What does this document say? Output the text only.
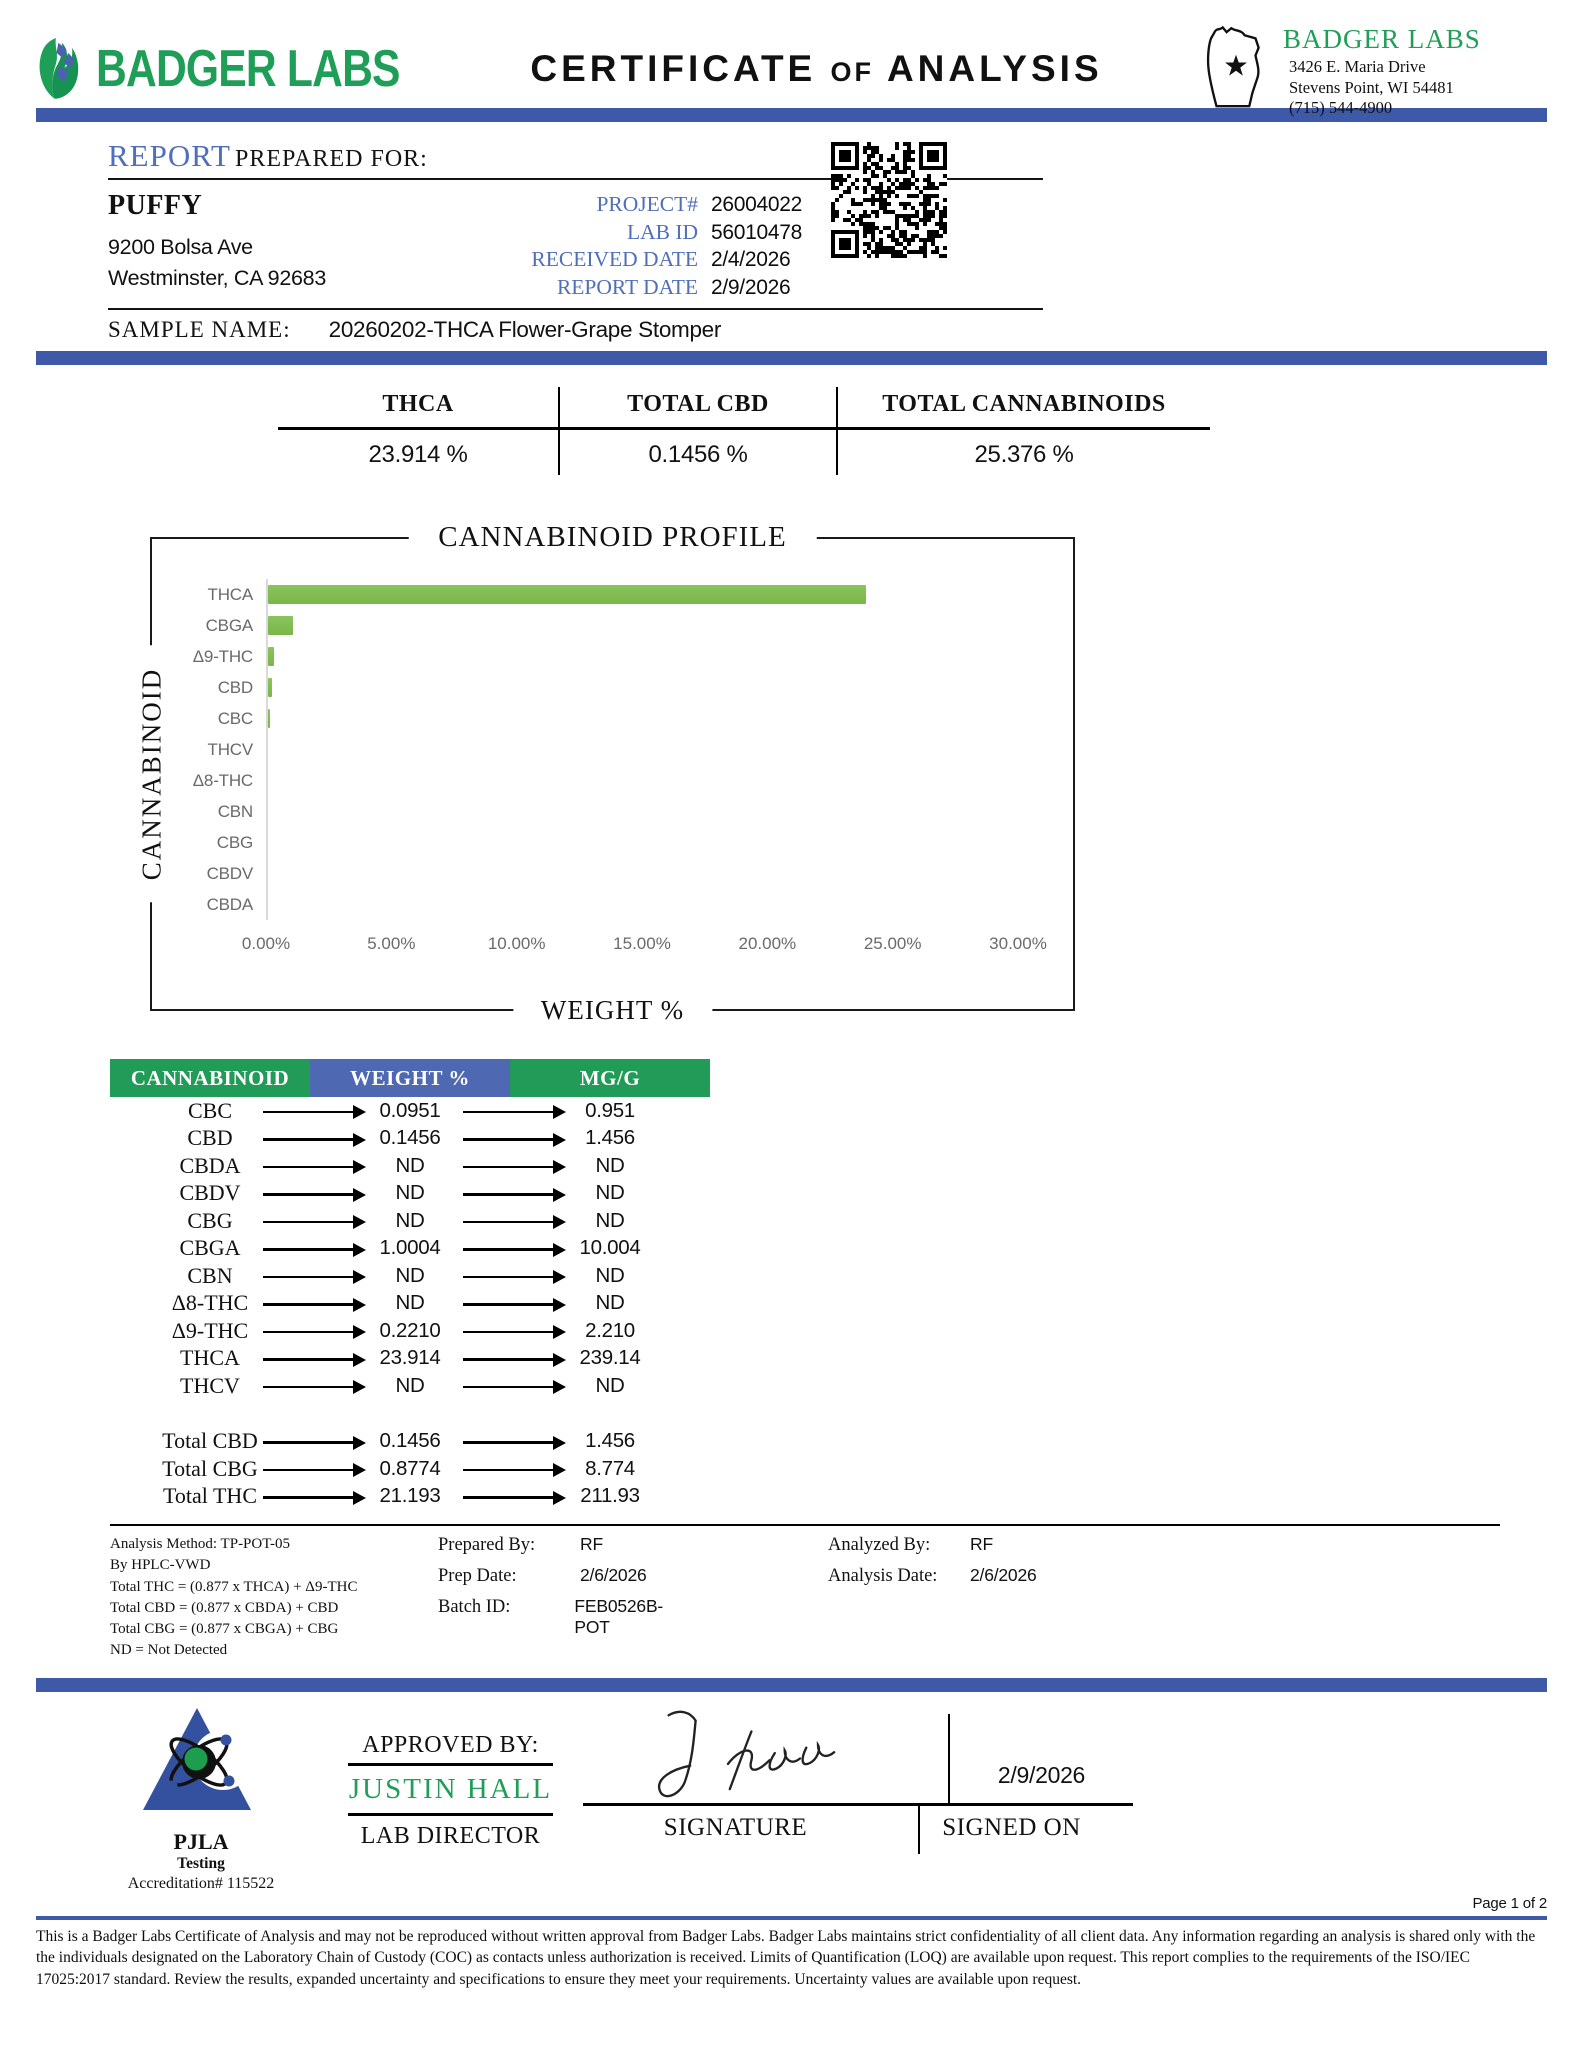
BADGER LABS	CERTIFICATE OF ANALYSIS
BADGER LABS
3426 E. Maria Drive
Stevens Point, WI 54481
(715) 544-4900
REPORT PREPARED FOR:
PUFFY
9200 Bolsa Ave
Westminster, CA 92683
PROJECT# 26004022
LAB ID 56010478
RECEIVED DATE 2/4/2026
REPORT DATE 2/9/2026
SAMPLE NAME: 20260202-THCA Flower-Grape Stomper
THCA
23.914 %
TOTAL CBD
0.1456 %
TOTAL CANNABINOIDS
25.376 %
CANNABINOID PROFILE
CANNABINOID
WEIGHT %
THCA
CBGA
Δ9-THC
CBD
CBC
THCV
Δ8-THC
CBN
CBG
CBDV
CBDA
0.00%	5.00%	10.00%	15.00%	20.00%	25.00%	30.00%
CANNABINOID	WEIGHT %	MG/G
CBC	0.0951	0.951
CBD	0.1456	1.456
CBDA	ND	ND
CBDV	ND	ND
CBG	ND	ND
CBGA	1.0004	10.004
CBN	ND	ND
Δ8-THC	ND	ND
Δ9-THC	0.2210	2.210
THCA	23.914	239.14
THCV	ND	ND
Total CBD	0.1456	1.456
Total CBG	0.8774	8.774
Total THC	21.193	211.93
Analysis Method: TP-POT-05
By HPLC-VWD
Total THC = (0.877 x THCA) + Δ9-THC
Total CBD = (0.877 x CBDA) + CBD
Total CBG = (0.877 x CBGA) + CBG
ND = Not Detected
Prepared By:	RF
Prep Date:	2/6/2026
Batch ID:	FEB0526B-POT
Analyzed By:	RF
Analysis Date:	2/6/2026
PJLA
Testing
Accreditation# 115522
APPROVED BY:
JUSTIN HALL
LAB DIRECTOR
2/9/2026
SIGNATURE	SIGNED ON
Page 1 of 2

This is a Badger Labs Certificate of Analysis and may not be reproduced without written approval from Badger Labs. Badger Labs maintains strict confidentiality of all client data. Any information regarding an analysis is shared only with the the individuals designated on the Laboratory Chain of Custody (COC) as contacts unless authorization is received. Limits of Quantification (LOQ) are available upon request. This report complies to the requirements of the ISO/IEC 17025:2017 standard. Review the results, expanded uncertainty and specifications to ensure they meet your requirements. Uncertainty values are available upon request.
